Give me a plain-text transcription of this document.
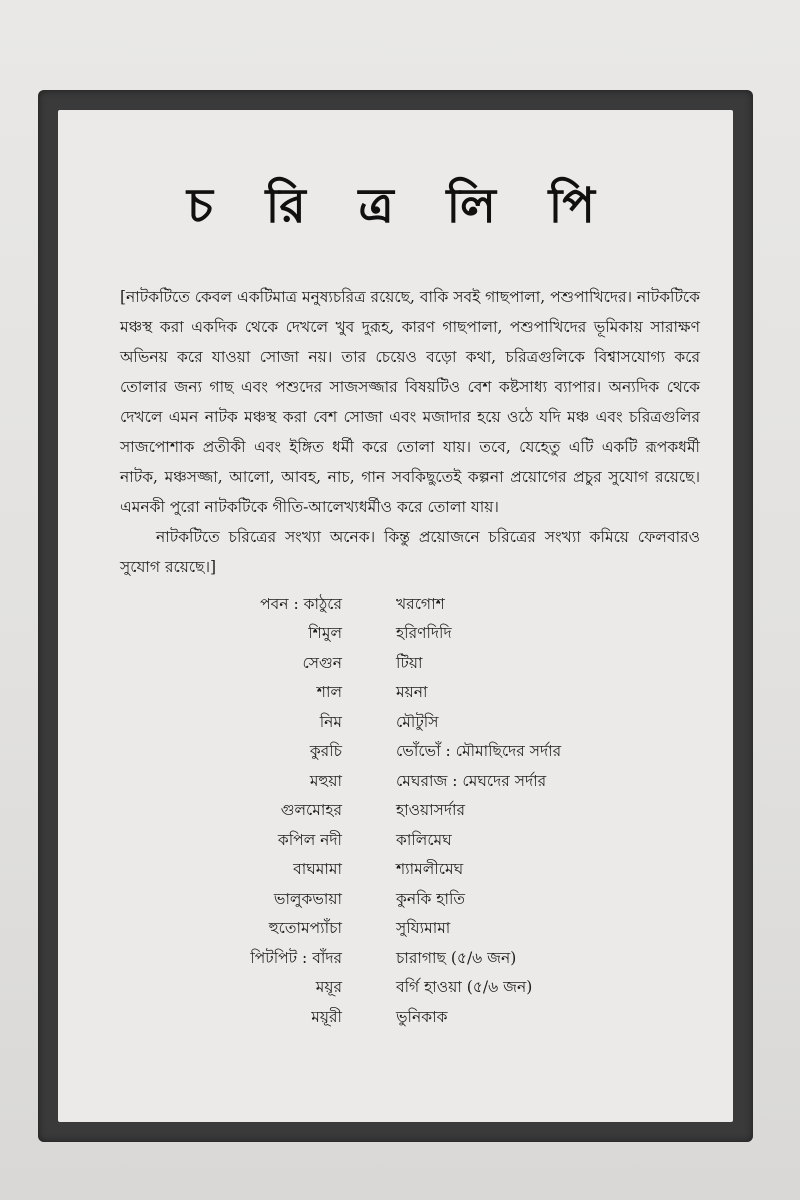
চ রি ত্র লি পি

[নাটকটিতে কেবল একটিমাত্র মনুষ্যচরিত্র রয়েছে, বাকি সবই গাছপালা, পশুপাখিদের। নাটকটিকে মঞ্চস্থ করা একদিক থেকে দেখলে খুব দুরূহ, কারণ গাছপালা, পশুপাখিদের ভূমিকায় সারাক্ষণ অভিনয় করে যাওয়া সোজা নয়। তার চেয়েও বড়ো কথা, চরিত্রগুলিকে বিশ্বাসযোগ্য করে তোলার জন্য গাছ এবং পশুদের সাজসজ্জার বিষয়টিও বেশ কষ্টসাধ্য ব্যাপার। অন্যদিক থেকে দেখলে এমন নাটক মঞ্চস্থ করা বেশ সোজা এবং মজাদার হয়ে ওঠে যদি মঞ্চ এবং চরিত্রগুলির সাজপোশাক প্রতীকী এবং ইঙ্গিত ধর্মী করে তোলা যায়। তবে, যেহেতু এটি একটি রূপকধর্মী নাটক, মঞ্চসজ্জা, আলো, আবহ, নাচ, গান সবকিছুতেই কল্পনা প্রয়োগের প্রচুর সুযোগ রয়েছে। এমনকী পুরো নাটকটিকে গীতি-আলেখ্যধর্মীও করে তোলা যায়।

নাটকটিতে চরিত্রের সংখ্যা অনেক। কিন্তু প্রয়োজনে চরিত্রের সংখ্যা কমিয়ে ফেলবারও সুযোগ রয়েছে।]

পবন : কাঠুরে	খরগোশ
শিমুল	হরিণদিদি
সেগুন	টিয়া
শাল	ময়না
নিম	মৌটুসি
কুরচি	ভোঁভোঁ : মৌমাছিদের সর্দার
মহুয়া	মেঘরাজ : মেঘদের সর্দার
গুলমোহর	হাওয়াসর্দার
কপিল নদী	কালিমেঘ
বাঘমামা	শ্যামলীমেঘ
ভালুকভায়া	কুনকি হাতি
হুতোমপ্যাঁচা	সুয্যিমামা
পিটপিট : বাঁদর	চারাগাছ (৫/৬ জন)
ময়ূর	বর্গি হাওয়া (৫/৬ জন)
ময়ূরী	ভুনিকাক
